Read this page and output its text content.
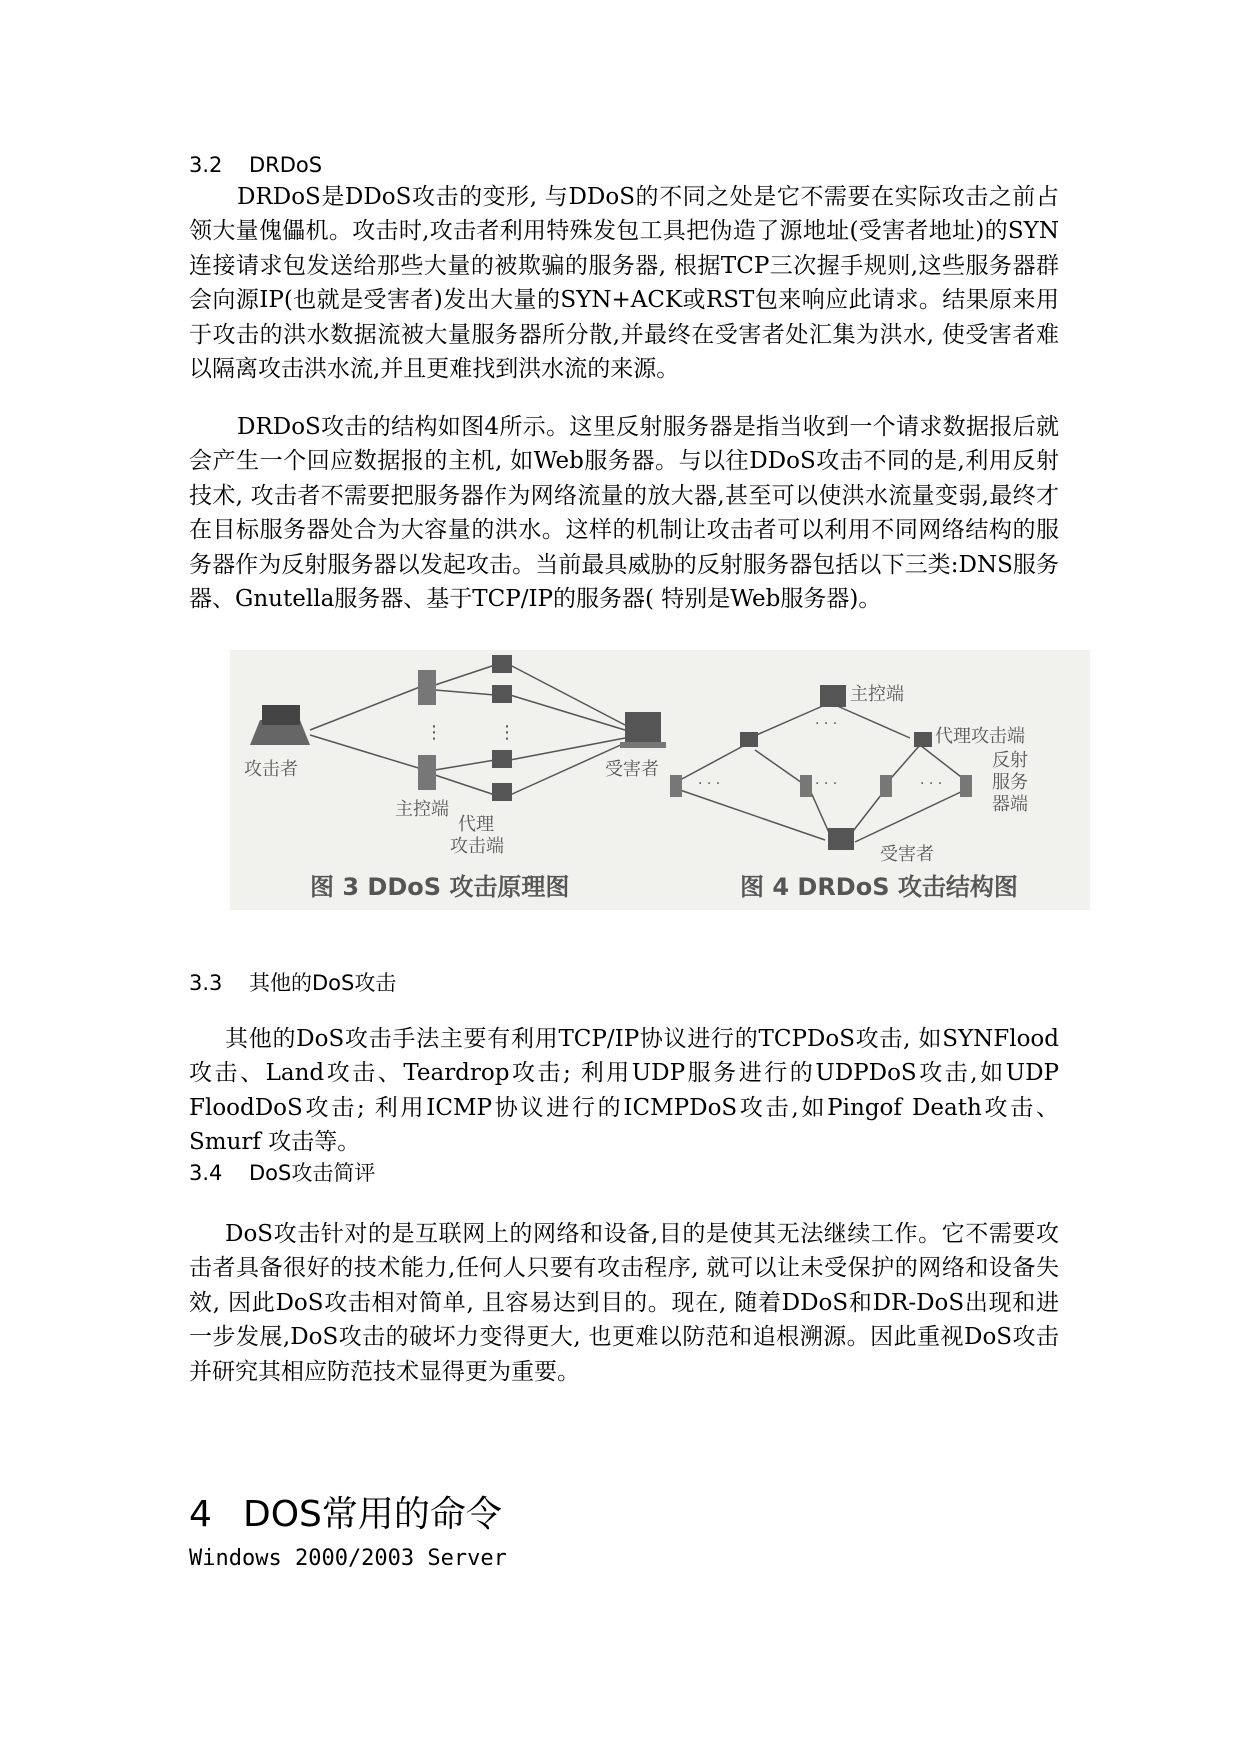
3.2 DRDoS

DRDoS是DDoS攻击的变形, 与DDoS的不同之处是它不需要在实际攻击之前占领大量傀儡机。攻击时,攻击者利用特殊发包工具把伪造了源地址(受害者地址)的SYN连接请求包发送给那些大量的被欺骗的服务器, 根据TCP三次握手规则,这些服务器群会向源IP(也就是受害者)发出大量的SYN+ACK或RST包来响应此请求。结果原来用于攻击的洪水数据流被大量服务器所分散,并最终在受害者处汇集为洪水, 使受害者难以隔离攻击洪水流,并且更难找到洪水流的来源。

DRDoS攻击的结构如图4所示。这里反射服务器是指当收到一个请求数据报后就会产生一个回应数据报的主机, 如Web服务器。与以往DDoS攻击不同的是,利用反射技术, 攻击者不需要把服务器作为网络流量的放大器,甚至可以使洪水流量变弱,最终才在目标服务器处合为大容量的洪水。这样的机制让攻击者可以利用不同网络结构的服务器作为反射服务器以发起攻击。当前最具威胁的反射服务器包括以下三类:DNS服务器、Gnutella服务器、基于TCP/IP的服务器( 特别是Web服务器)。

⋮	⋮
攻击者
主控端
代理
攻击端
受害者
图 3 DDoS 攻击原理图
· · ·
· · ·	· · ·
· · ·
主控端
代理攻击端
反射
服务
器端
受害者
图 4 DRDoS 攻击结构图
3.3 其他的DoS攻击

其他的DoS攻击手法主要有利用TCP/IP协议进行的TCPDoS攻击, 如SYNFlood攻击、Land攻击、Teardrop攻击; 利用UDP服务进行的UDPDoS攻击,如UDP FloodDoS攻击; 利用ICMP协议进行的ICMPDoS攻击,如Pingof Death攻击、Smurf 攻击等。

3.4 DoS攻击简评

DoS攻击针对的是互联网上的网络和设备,目的是使其无法继续工作。它不需要攻击者具备很好的技术能力,任何人只要有攻击程序, 就可以让未受保护的网络和设备失效, 因此DoS攻击相对简单, 且容易达到目的。现在, 随着DDoS和DR-DoS出现和进一步发展,DoS攻击的破坏力变得更大, 也更难以防范和追根溯源。因此重视DoS攻击并研究其相应防范技术显得更为重要。

4 DOS常用的命令
Windows 2000/2003 Server
